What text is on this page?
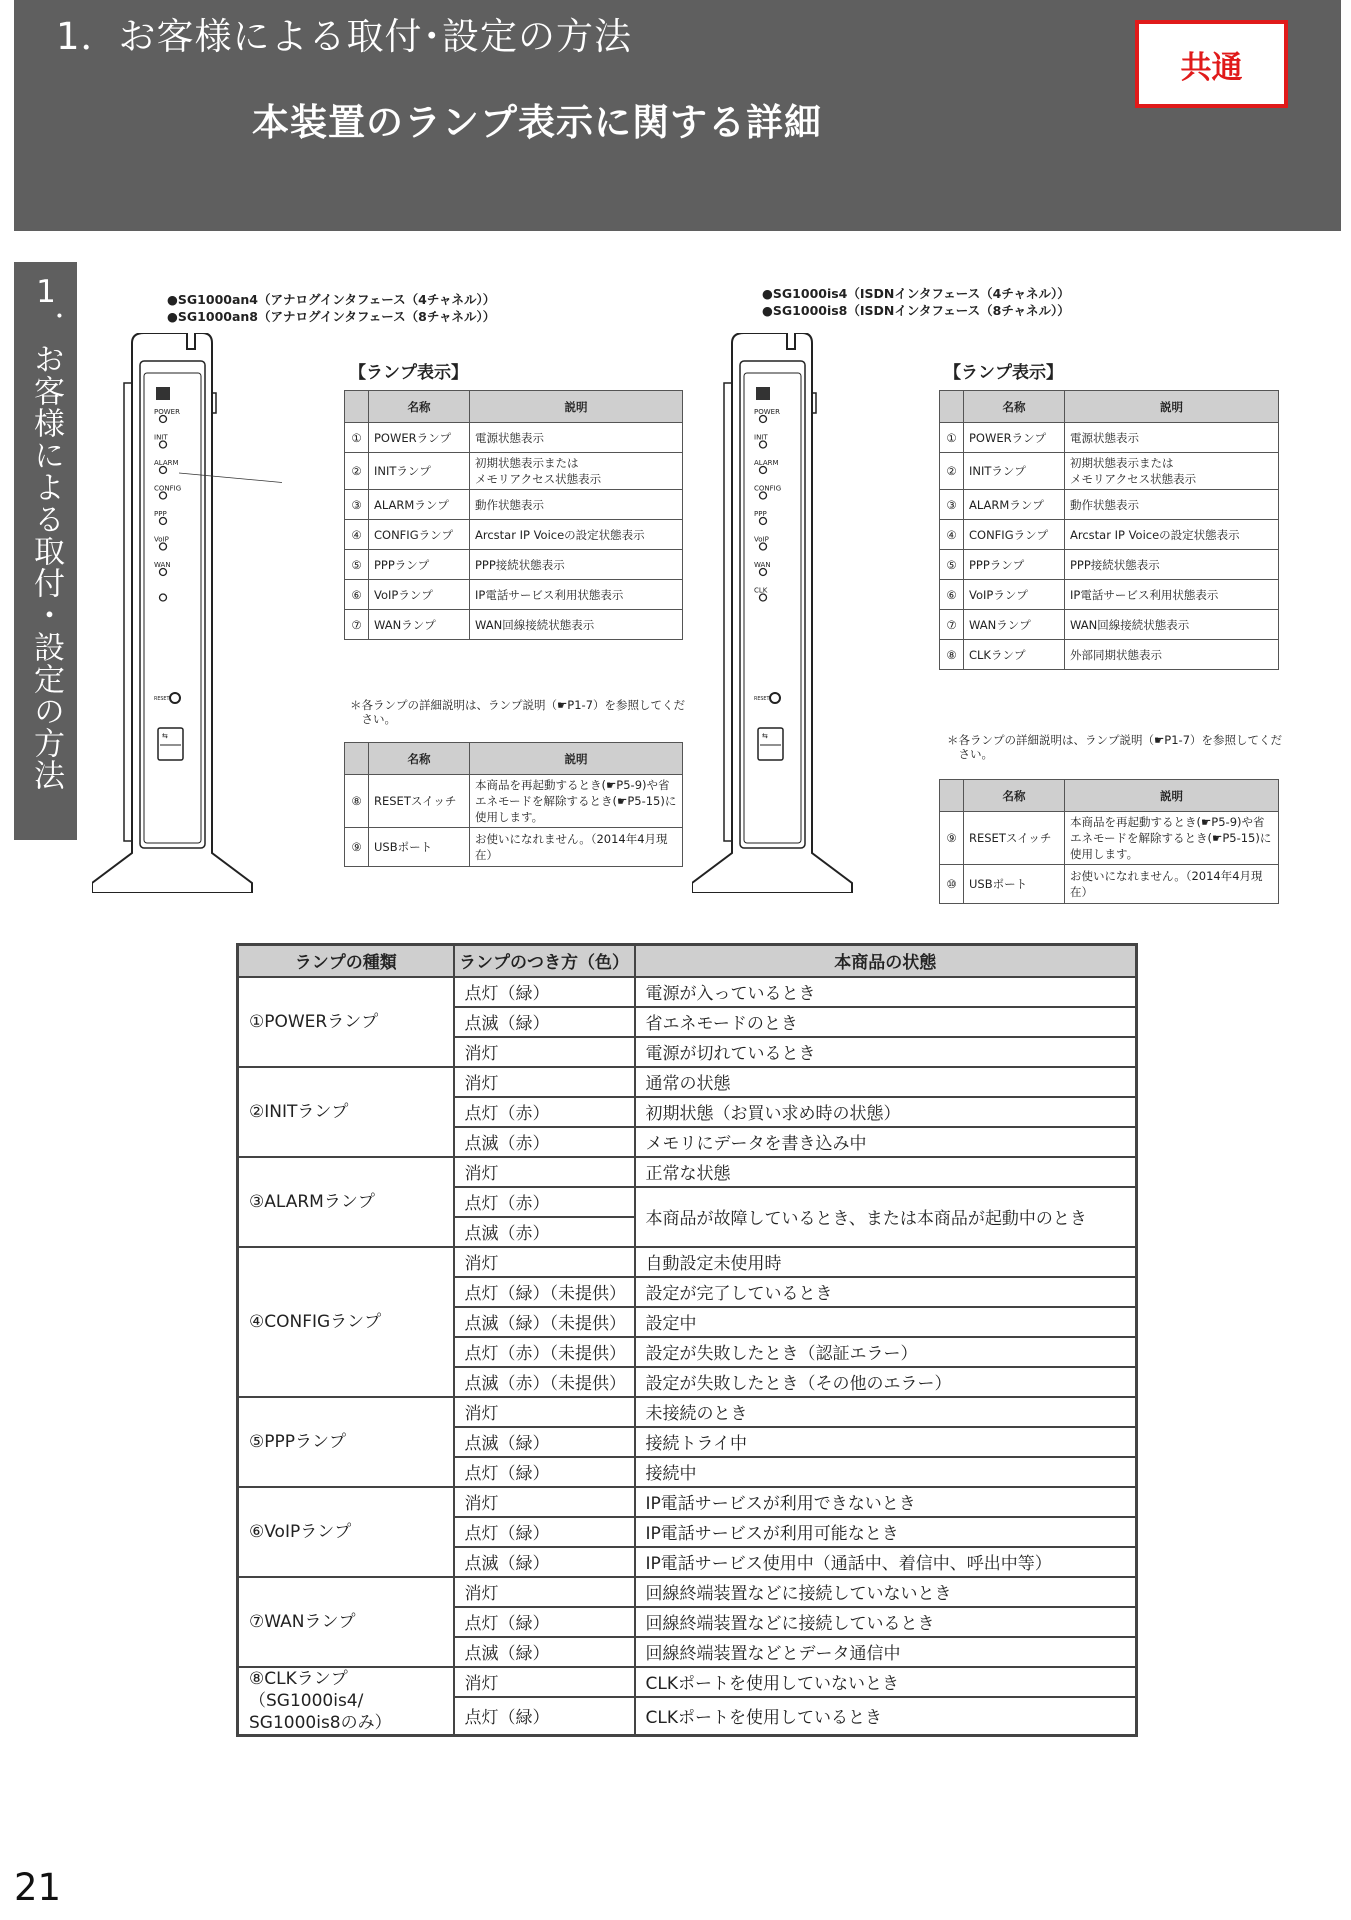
1．お客様による取付･設定の方法
本装置のランプ表示に関する詳細
共通
1．お客様による取付・設定の方法	●SG1000an4（アナログインタフェース（4チャネル））
●SG1000an8（アナログインタフェース（8チャネル））
POWER
INIT
ALARM
CONFIG
PPP
VoIP
WAN
RESET
⇆
【ランプ表示】
	名称	説明
①	POWERランプ	電源状態表示
②	INITランプ	初期状態表示または
メモリアクセス状態表示
③	ALARMランプ	動作状態表示
④	CONFIGランプ	Arcstar IP Voiceの設定状態表示
⑤	PPPランプ	PPP接続状態表示
⑥	VoIPランプ	IP電話サービス利用状態表示
⑦	WANランプ	WAN回線接続状態表示
＊各ランプの詳細説明は、ランプ説明（☛P1-7）を参照してくだ
　さい。
	名称	説明
⑧	RESETスイッチ	本商品を再起動するとき(☛P5-9)や省エネモードを解除するとき(☛P5-15)に使用します。
⑨	USBポート	お使いになれません。（2014年4月現在）
●SG1000is4（ISDNインタフェース（4チャネル））
●SG1000is8（ISDNインタフェース（8チャネル））
POWER
INIT
ALARM
CONFIG
PPP
VoIP
WAN
CLK
RESET
⇆
【ランプ表示】
	名称	説明
①	POWERランプ	電源状態表示
②	INITランプ	初期状態表示または
メモリアクセス状態表示
③	ALARMランプ	動作状態表示
④	CONFIGランプ	Arcstar IP Voiceの設定状態表示
⑤	PPPランプ	PPP接続状態表示
⑥	VoIPランプ	IP電話サービス利用状態表示
⑦	WANランプ	WAN回線接続状態表示
⑧	CLKランプ	外部同期状態表示
＊各ランプの詳細説明は、ランプ説明（☛P1-7）を参照してくだ
　さい。
	名称	説明
⑨	RESETスイッチ	本商品を再起動するとき(☛P5-9)や省エネモードを解除するとき(☛P5-15)に使用します。
⑩	USBポート	お使いになれません。（2014年4月現在）
ランプの種類	ランプのつき方（色）	本商品の状態
①POWERランプ	点灯（緑）	電源が入っているとき
	点滅（緑）	省エネモードのとき
	消灯	電源が切れているとき
②INITランプ	消灯	通常の状態
	点灯（赤）	初期状態（お買い求め時の状態）
	点滅（赤）	メモリにデータを書き込み中
③ALARMランプ	消灯	正常な状態
	点灯（赤）	本商品が故障しているとき、または本商品が起動中のとき
	点滅（赤）	
④CONFIGランプ	消灯	自動設定未使用時
	点灯（緑）（未提供）	設定が完了しているとき
	点滅（緑）（未提供）	設定中
	点灯（赤）（未提供）	設定が失敗したとき（認証エラー）
	点滅（赤）（未提供）	設定が失敗したとき（その他のエラー）
⑤PPPランプ	消灯	未接続のとき
	点滅（緑）	接続トライ中
	点灯（緑）	接続中
⑥VoIPランプ	消灯	IP電話サービスが利用できないとき
	点灯（緑）	IP電話サービスが利用可能なとき
	点滅（緑）	IP電話サービス使用中（通話中、着信中、呼出中等）
⑦WANランプ	消灯	回線終端装置などに接続していないとき
	点灯（緑）	回線終端装置などに接続しているとき
	点滅（緑）	回線終端装置などとデータ通信中
⑧CLKランプ
（SG1000is4/
SG1000is8のみ）	消灯	CLKポートを使用していないとき
	点灯（緑）	CLKポートを使用しているとき
21
